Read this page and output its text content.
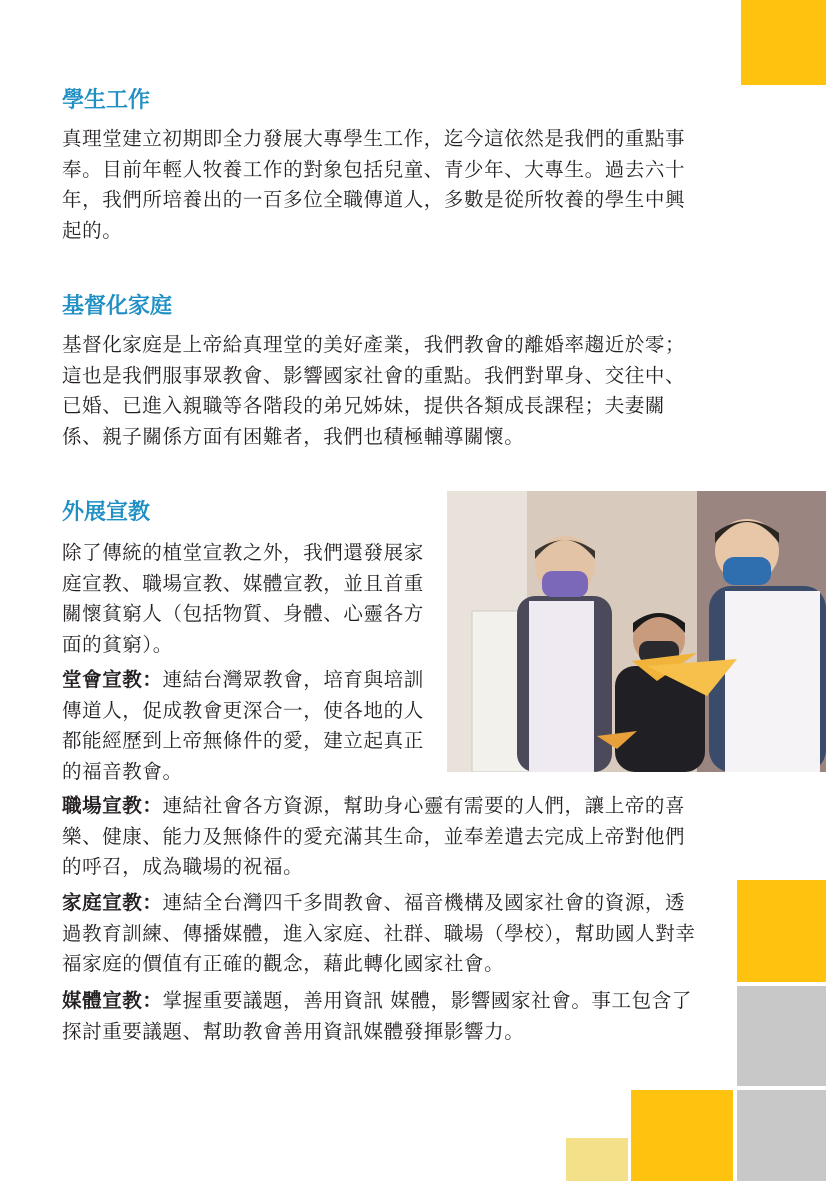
學生工作

真理堂建立初期即全力發展大專學生工作，迄今這依然是我們的重點事奉。目前年輕人牧養工作的對象包括兒童、青少年、大專生。過去六十年，我們所培養出的一百多位全職傳道人，多數是從所牧養的學生中興起的。

基督化家庭

基督化家庭是上帝給真理堂的美好產業，我們教會的離婚率趨近於零；這也是我們服事眾教會、影響國家社會的重點。我們對單身、交往中、已婚、已進入親職等各階段的弟兄姊妹，提供各類成長課程；夫妻關係、親子關係方面有困難者，我們也積極輔導關懷。

外展宣教

除了傳統的植堂宣教之外，我們還發展家庭宣教、職場宣教、媒體宣教，並且首重關懷貧窮人（包括物質、身體、心靈各方面的貧窮）。

堂會宣教：連結台灣眾教會，培育與培訓傳道人，促成教會更深合一，使各地的人都能經歷到上帝無條件的愛，建立起真正的福音教會。

職場宣教：連結社會各方資源，幫助身心靈有需要的人們，讓上帝的喜樂、健康、能力及無條件的愛充滿其生命，並奉差遣去完成上帝對他們的呼召，成為職場的祝福。

家庭宣教：連結全台灣四千多間教會、福音機構及國家社會的資源，透過教育訓練、傳播媒體，進入家庭、社群、職場（學校），幫助國人對幸福家庭的價值有正確的觀念，藉此轉化國家社會。

媒體宣教：掌握重要議題，善用資訊 媒體，影響國家社會。事工包含了探討重要議題、幫助教會善用資訊媒體發揮影響力。
